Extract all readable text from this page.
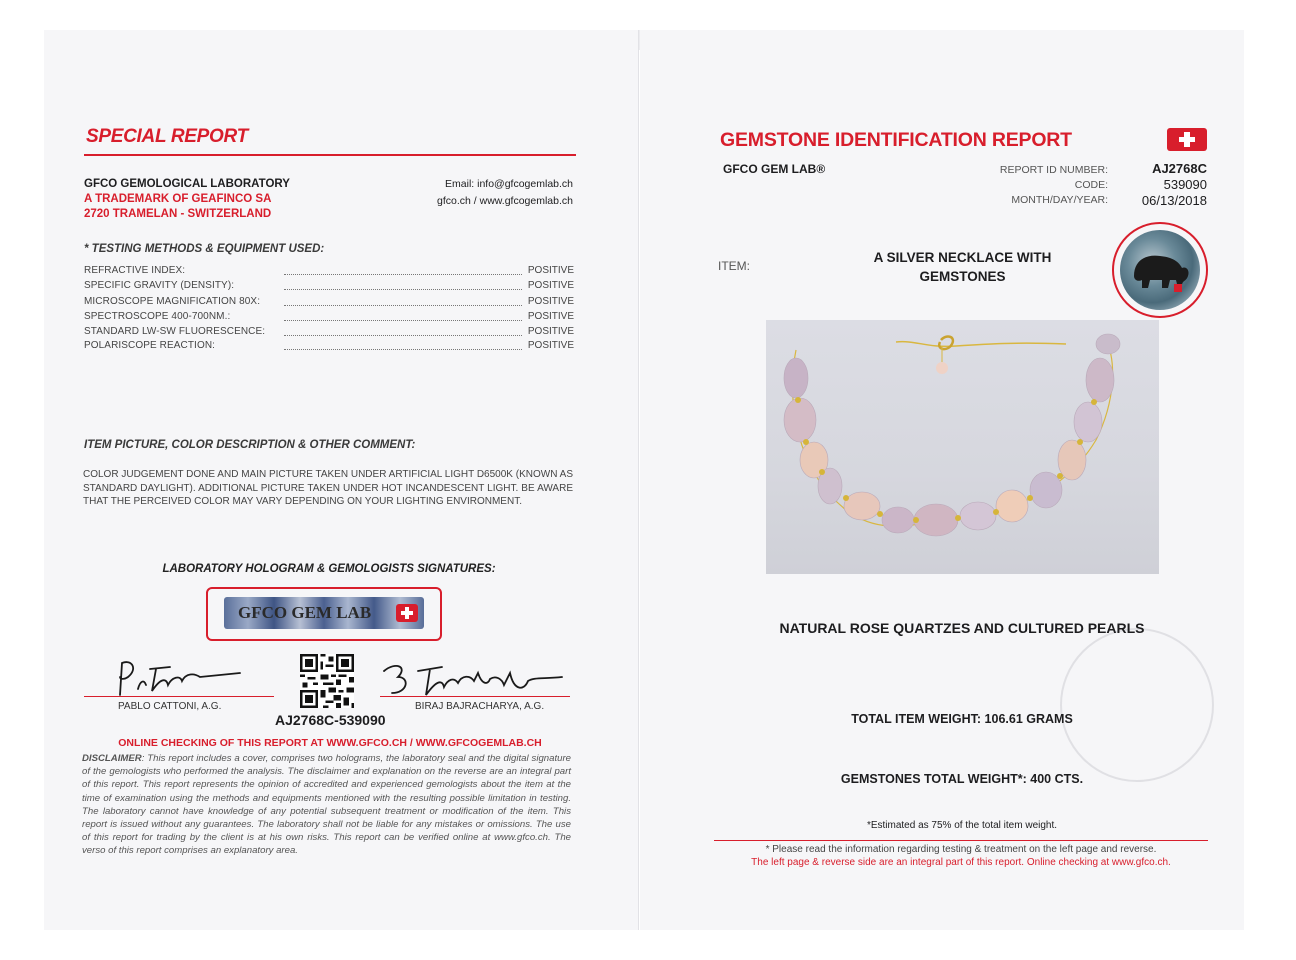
SPECIAL REPORT
GFCO GEMOLOGICAL LABORATORY
A TRADEMARK OF GEAFINCO SA
2720 TRAMELAN - SWITZERLAND
Email: info@gfcogemlab.ch
gfco.ch / www.gfcogemlab.ch
* TESTING METHODS & EQUIPMENT USED:
REFRACTIVE INDEX:	POSITIVE
SPECIFIC GRAVITY (DENSITY):	POSITIVE
MICROSCOPE MAGNIFICATION 80X:	POSITIVE
SPECTROSCOPE 400-700NM.:	POSITIVE
STANDARD LW-SW FLUORESCENCE:	POSITIVE
POLARISCOPE REACTION:	POSITIVE
ITEM PICTURE, COLOR DESCRIPTION & OTHER COMMENT:
COLOR JUDGEMENT DONE AND MAIN PICTURE TAKEN UNDER ARTIFICIAL LIGHT D6500K (KNOWN AS STANDARD DAYLIGHT). ADDITIONAL PICTURE TAKEN UNDER HOT INCANDESCENT LIGHT. BE AWARE THAT THE PERCEIVED COLOR MAY VARY DEPENDING ON YOUR LIGHTING ENVIRONMENT.
LABORATORY HOLOGRAM & GEMOLOGISTS SIGNATURES:
GFCO GEM LAB
PABLO CATTONI, A.G.
AJ2768C-539090
BIRAJ BAJRACHARYA, A.G.
ONLINE CHECKING OF THIS REPORT AT WWW.GFCO.CH / WWW.GFCOGEMLAB.CH
DISCLAIMER: This report includes a cover, comprises two holograms, the laboratory seal and the digital signature of the gemologists who performed the analysis. The disclaimer and explanation on the reverse are an integral part of this report. This report represents the opinion of accredited and experienced gemologists about the item at the time of examination using the methods and equipments mentioned with the resulting possible limitation in testing. The laboratory cannot have knowledge of any potential subsequent treatment or modification of the item. This report is issued without any guarantees. The laboratory shall not be liable for any mistakes or omissions. The use of this report for trading by the client is at his own risks. This report can be verified online at www.gfco.ch. The verso of this report comprises an explanatory area.
GEMSTONE IDENTIFICATION REPORT
GFCO GEM LAB®	REPORT ID NUMBER:	AJ2768C
CODE:	539090
MONTH/DAY/YEAR:	06/13/2018
ITEM:
A SILVER NECKLACE WITH GEMSTONES
NATURAL ROSE QUARTZES AND CULTURED PEARLS
TOTAL ITEM WEIGHT: 106.61 GRAMS
GEMSTONES TOTAL WEIGHT*: 400 CTS.
*Estimated as 75% of the total item weight.
* Please read the information regarding testing & treatment on the left page and reverse.
The left page & reverse side are an integral part of this report. Online checking at www.gfco.ch.
